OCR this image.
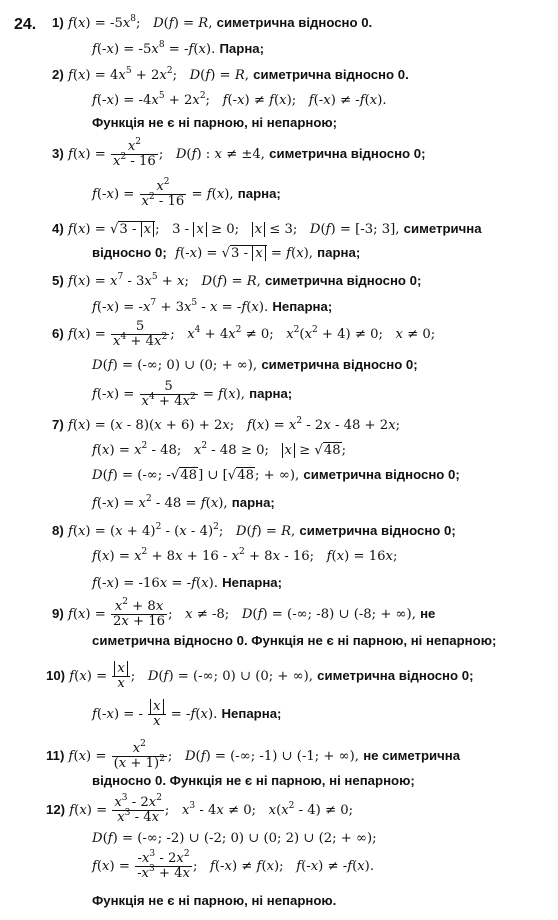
24. 1) $f(x) = -5x^8$;   D(f) = R, симетрична відносно 0.
$f(-x) = -5x^8 = -f(x)$. Парна;
2) $f(x) = 4x^5 + 2x^2$;   D(f) = R, симетрична відносно 0.
$f(-x) = -4x^5 + 2x^2$;   f(-x) ≠ f(x);   f(-x) ≠ -f(x).
Функція не є ні парною, ні непарною;
3) $f(x) = \frac{x^2}{x^2 - 16}$ ;   D(f) : x ≠ ±4, симетрична відносно 0;
$f(-x) = \frac{x^2}{x^2 - 16} = f(x)$, парна;
4) f(x) = √3 - x ;   3 - x ≥ 0;   x ≤ 3;   D(f) = [-3; 3], симетрична
відносно 0; f(-x) = √3 - x = f(x), парна;
5) $f(x) = x^7 - 3x^5 + x$;   D(f) = R, симетрична відносно 0;
$f(-x) = -x^7 + 3x^5 - x = -f(x)$. Непарна;
6) $f(x) = \frac{5}{x^4 + 4x^2}$ ;   $x^4 + 4x^2 \ne 0$;   $x^2(x^2 + 4) \ne 0$;   x ≠ 0;
D(f) = (-∞; 0) ∪ (0; + ∞), симетрична відносно 0;
$f(-x) = \frac{5}{x^4 + 4x^2} = f(x)$, парна;
7) f(x) = (x - 8)(x + 6) + 2x;   $f(x) = x^2 - 2x - 48 + 2x$;
$f(x) = x^2 - 48$;   $x^2 - 48 \ge 0$;   x ≥ √48;
D(f) = (-∞; -√48] ∪ [√48; + ∞), симетрична відносно 0;
$f(-x) = x^2 - 48 = f(x)$, парна;
8) $f(x) = (x + 4)^2 - (x - 4)^2$;   D(f) = R, симетрична відносно 0;
$f(x) = x^2 + 8x + 16 - x^2 + 8x - 16$;   f(x) = 16x;
f(-x) = -16x = -f(x). Непарна;
9) $f(x) = \frac{x^2 + 8x}{2x + 16}$ ;   x ≠ -8;   D(f) = (-∞; -8) ∪ (-8; + ∞), не
симетрична відносно 0. Функція не є ні парною, ні непарною;
10) $f(x) = \frac{x}{x}$ ;   D(f) = (-∞; 0) ∪ (0; + ∞), симетрична відносно 0;
f(-x) = - $\frac{x}{x} = -f(x)$. Непарна;
11) $f(x) = \frac{x^2}{(x + 1)^2}$ ;   D(f) = (-∞; -1) ∪ (-1; + ∞), не симетрична
відносно 0. Функція не є ні парною, ні непарною;
12) $f(x) = \frac{x^3 - 2x^2}{x^3 - 4x}$ ;   $x^3 - 4x \ne 0$;   $x(x^2 - 4) \ne 0$;
D(f) = (-∞; -2) ∪ (-2; 0) ∪ (0; 2) ∪ (2; + ∞);
$f(x) = \frac{-x^3 - 2x^2}{-x^3 + 4x}$ ;   f(-x) ≠ f(x);   f(-x) ≠ -f(x).
Функція не є ні парною, ні непарною.
